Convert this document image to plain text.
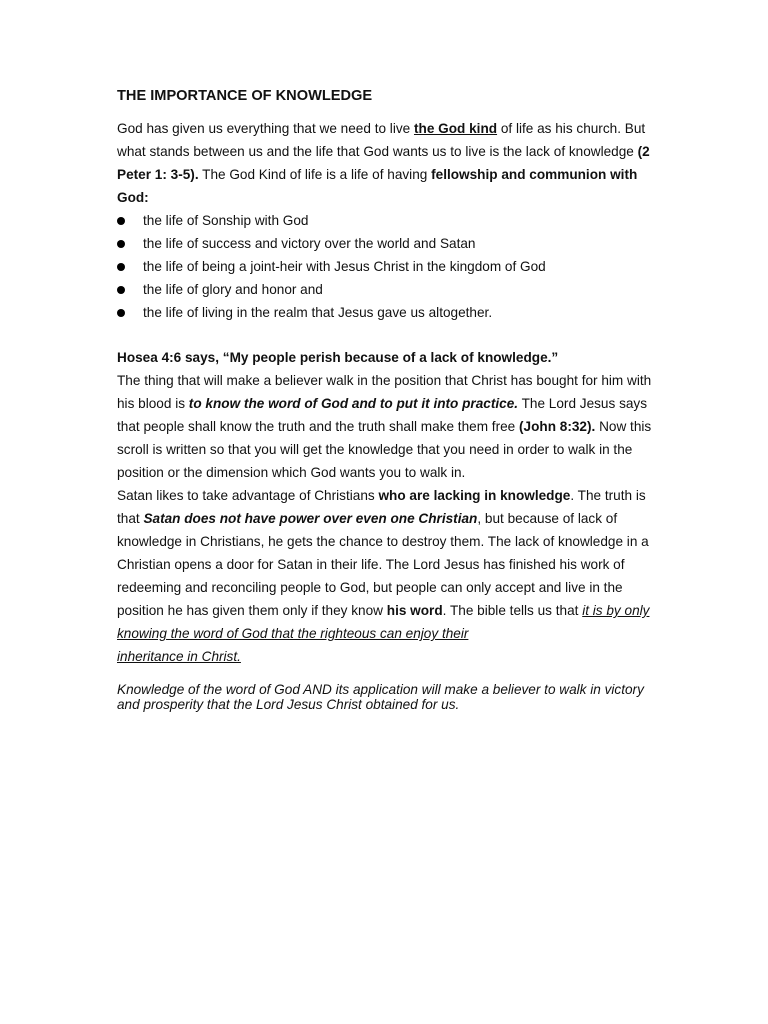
THE IMPORTANCE OF KNOWLEDGE
God has given us everything that we need to live the God kind of life as his church. But what stands between us and the life that God wants us to live is the lack of knowledge (2 Peter 1: 3-5). The God Kind of life is a life of having fellowship and communion with God:
the life of Sonship with God
the life of success and victory over the world and Satan
the life of being a joint-heir with Jesus Christ in the kingdom of God
the life of glory and honor and
the life of living in the realm that Jesus gave us altogether.
Hosea 4:6 says, “My people perish because of a lack of knowledge.”
The thing that will make a believer walk in the position that Christ has bought for him with his blood is to know the word of God and to put it into practice. The Lord Jesus says that people shall know the truth and the truth shall make them free (John 8:32). Now this scroll is written so that you will get the knowledge that you need in order to walk in the position or the dimension which God wants you to walk in.
Satan likes to take advantage of Christians who are lacking in knowledge. The truth is that Satan does not have power over even one Christian, but because of lack of knowledge in Christians, he gets the chance to destroy them. The lack of knowledge in a Christian opens a door for Satan in their life. The Lord Jesus has finished his work of redeeming and reconciling people to God, but people can only accept and live in the position he has given them only if they know his word. The bible tells us that it is by only knowing the word of God that the righteous can enjoy their
inheritance in Christ.
Knowledge of the word of God AND its application will make a believer to walk in victory and prosperity that the Lord Jesus Christ obtained for us.
